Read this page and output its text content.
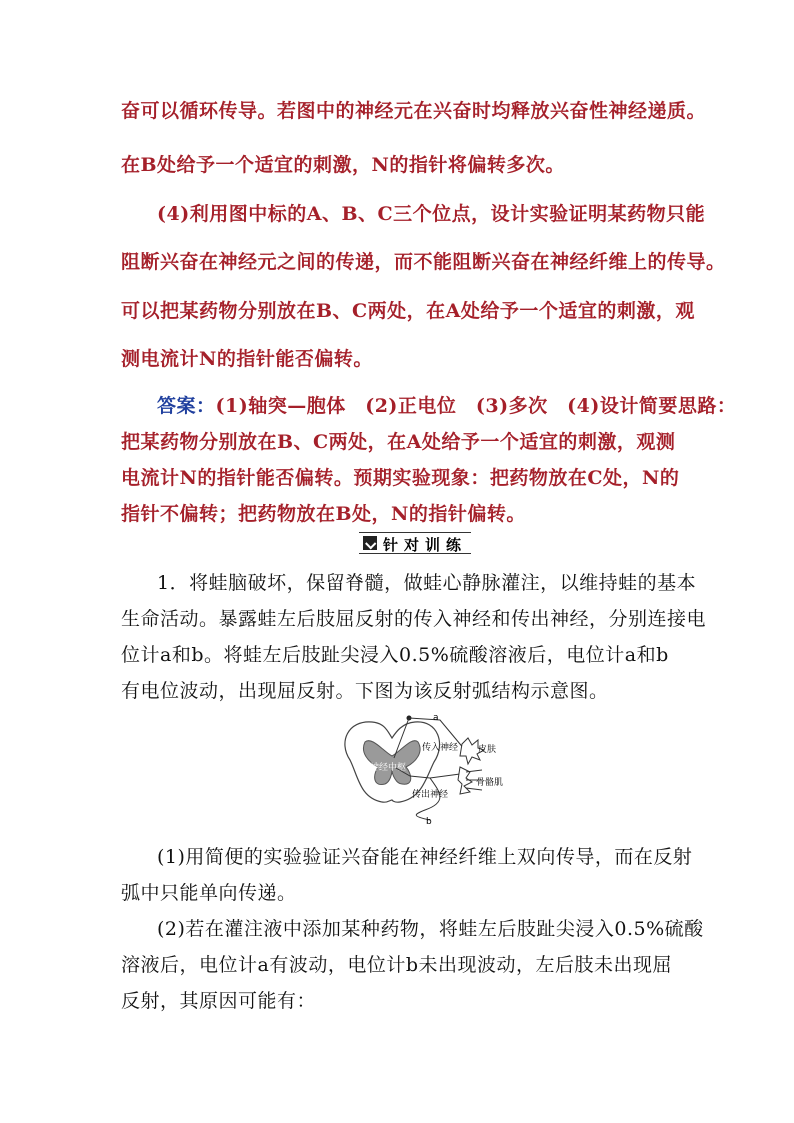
奋可以循环传导。若图中的神经元在兴奋时均释放兴奋性神经递质。
在B处给予一个适宜的刺激，N的指针将偏转多次。
(4)利用图中标的A、B、C三个位点，设计实验证明某药物只能
阻断兴奋在神经元之间的传递，而不能阻断兴奋在神经纤维上的传导。
可以把某药物分别放在B、C两处，在A处给予一个适宜的刺激，观
测电流计N的指针能否偏转。
答案：(1)轴突—胞体　(2)正电位　(3)多次　(4)设计简要思路：
把某药物分别放在B、C两处，在A处给予一个适宜的刺激，观测
电流计N的指针能否偏转。预期实验现象：把药物放在C处，N的
指针不偏转；把药物放在B处，N的指针偏转。
针对训练
1．将蛙脑破坏，保留脊髓，做蛙心静脉灌注，以维持蛙的基本
生命活动。暴露蛙左后肢屈反射的传入神经和传出神经，分别连接电
位计a和b。将蛙左后肢趾尖浸入0.5%硫酸溶液后，电位计a和b
有电位波动，出现屈反射。下图为该反射弧结构示意图。
神经中枢
a
传入神经 皮肤
b
传出神经
骨骼肌
(1)用简便的实验验证兴奋能在神经纤维上双向传导，而在反射
弧中只能单向传递。
(2)若在灌注液中添加某种药物，将蛙左后肢趾尖浸入0.5%硫酸
溶液后，电位计a有波动，电位计b未出现波动，左后肢未出现屈
反射，其原因可能有：
